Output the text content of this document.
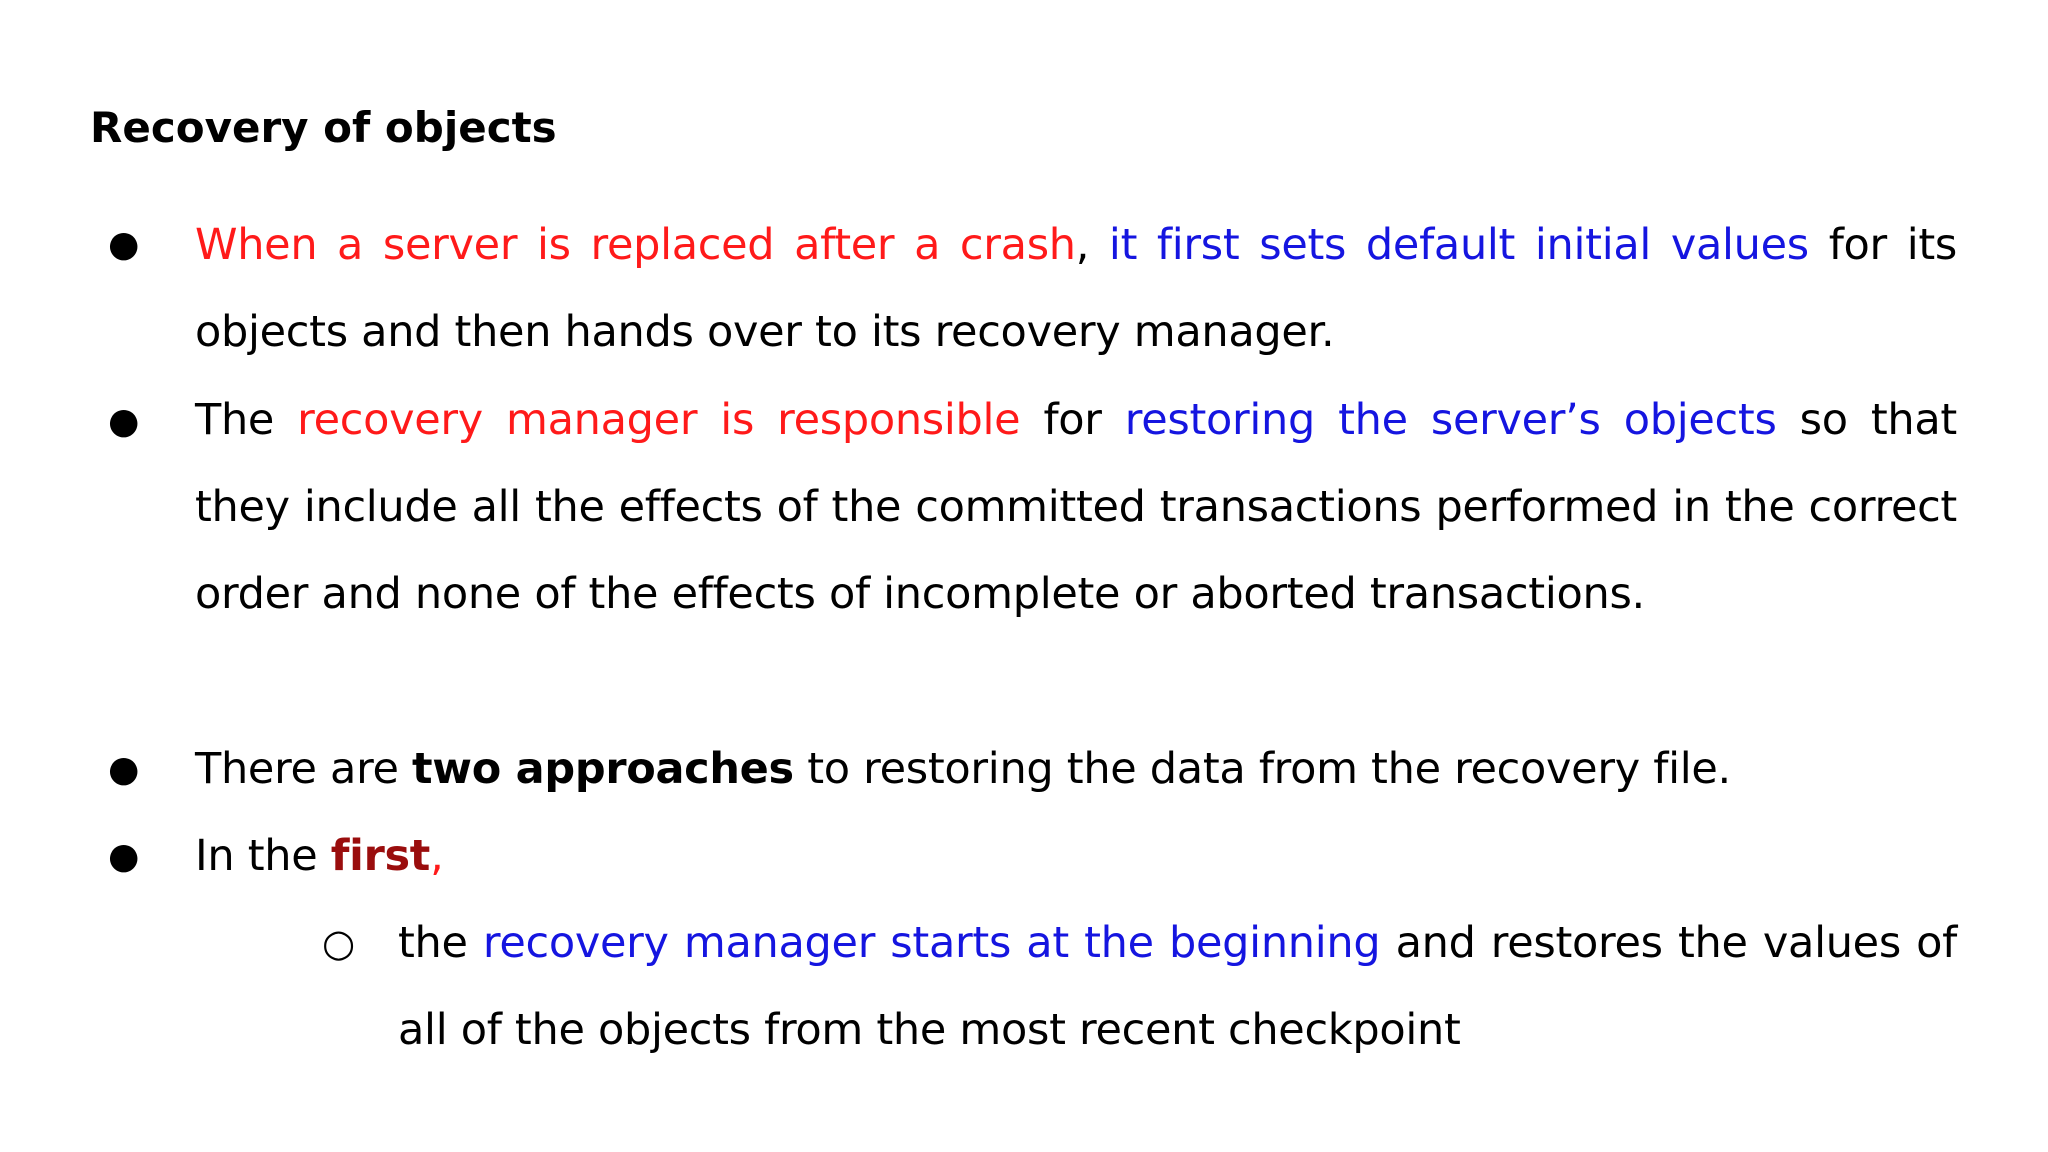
Recovery of objects
● When a server is replaced after a crash, it first sets default initial values for its objects and then hands over to its recovery manager.
● The recovery manager is responsible for restoring the server’s objects so that they include all the effects of the committed transactions performed in the correct order and none of the effects of incomplete or aborted transactions.
● There are two approaches to restoring the data from the recovery file.
● In the first,
○ the recovery manager starts at the beginning and restores the values of all of the objects from the most recent checkpoint
